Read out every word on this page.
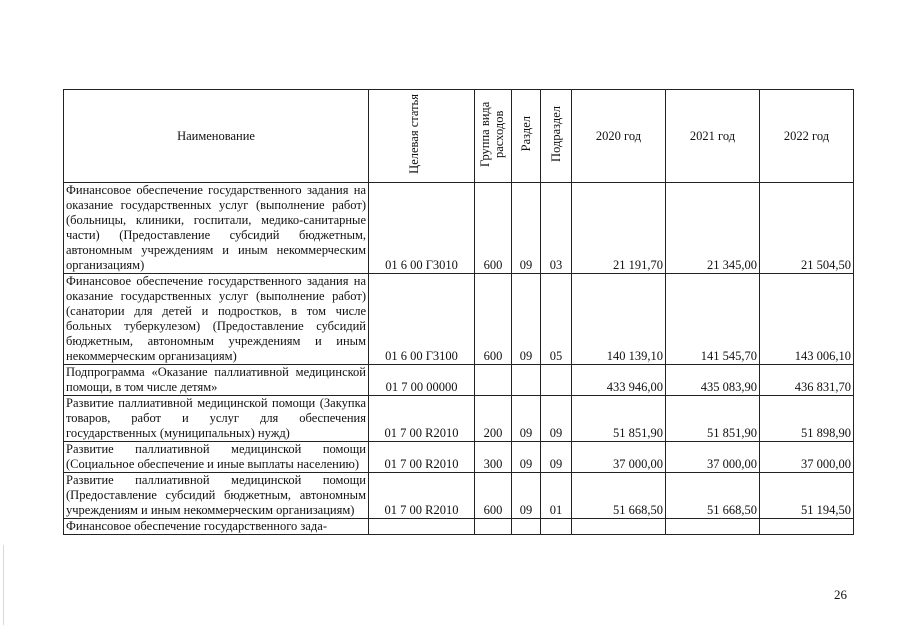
Наименование	Целевая статья	Группа вида расходов	Раздел	Подраздел	2020 год	2021 год	2022 год
Финансовое обеспечение государственного задания на оказание государственных услуг (выполнение работ) (больницы, клиники, госпитали, медико-санитарные части) (Предоставление субсидий бюджетным, автономным учреждениям и иным некоммерческим организациям)	01 6 00 Г3010	600	09	03	21 191,70	21 345,00	21 504,50
Финансовое обеспечение государственного задания на оказание государственных услуг (выполнение работ) (санатории для детей и подростков, в том числе больных туберкулезом) (Предоставление субсидий бюджетным, автономным учреждениям и иным некоммерческим организациям)	01 6 00 Г3100	600	09	05	140 139,10	141 545,70	143 006,10
Подпрограмма «Оказание паллиативной медицинской помощи, в том числе детям»	01 7 00 00000				433 946,00	435 083,90	436 831,70
Развитие паллиативной медицинской помощи (Закупка товаров, работ и услуг для обеспечения государственных (муниципальных) нужд)	01 7 00 R2010	200	09	09	51 851,90	51 851,90	51 898,90
Развитие паллиативной медицинской помощи (Социальное обеспечение и иные выплаты населению)	01 7 00 R2010	300	09	09	37 000,00	37 000,00	37 000,00
Развитие паллиативной медицинской помощи (Предоставление субсидий бюджетным, автономным учреждениям и иным некоммерческим организациям)	01 7 00 R2010	600	09	01	51 668,50	51 668,50	51 194,50
Финансовое обеспечение государственного зада-							
26
